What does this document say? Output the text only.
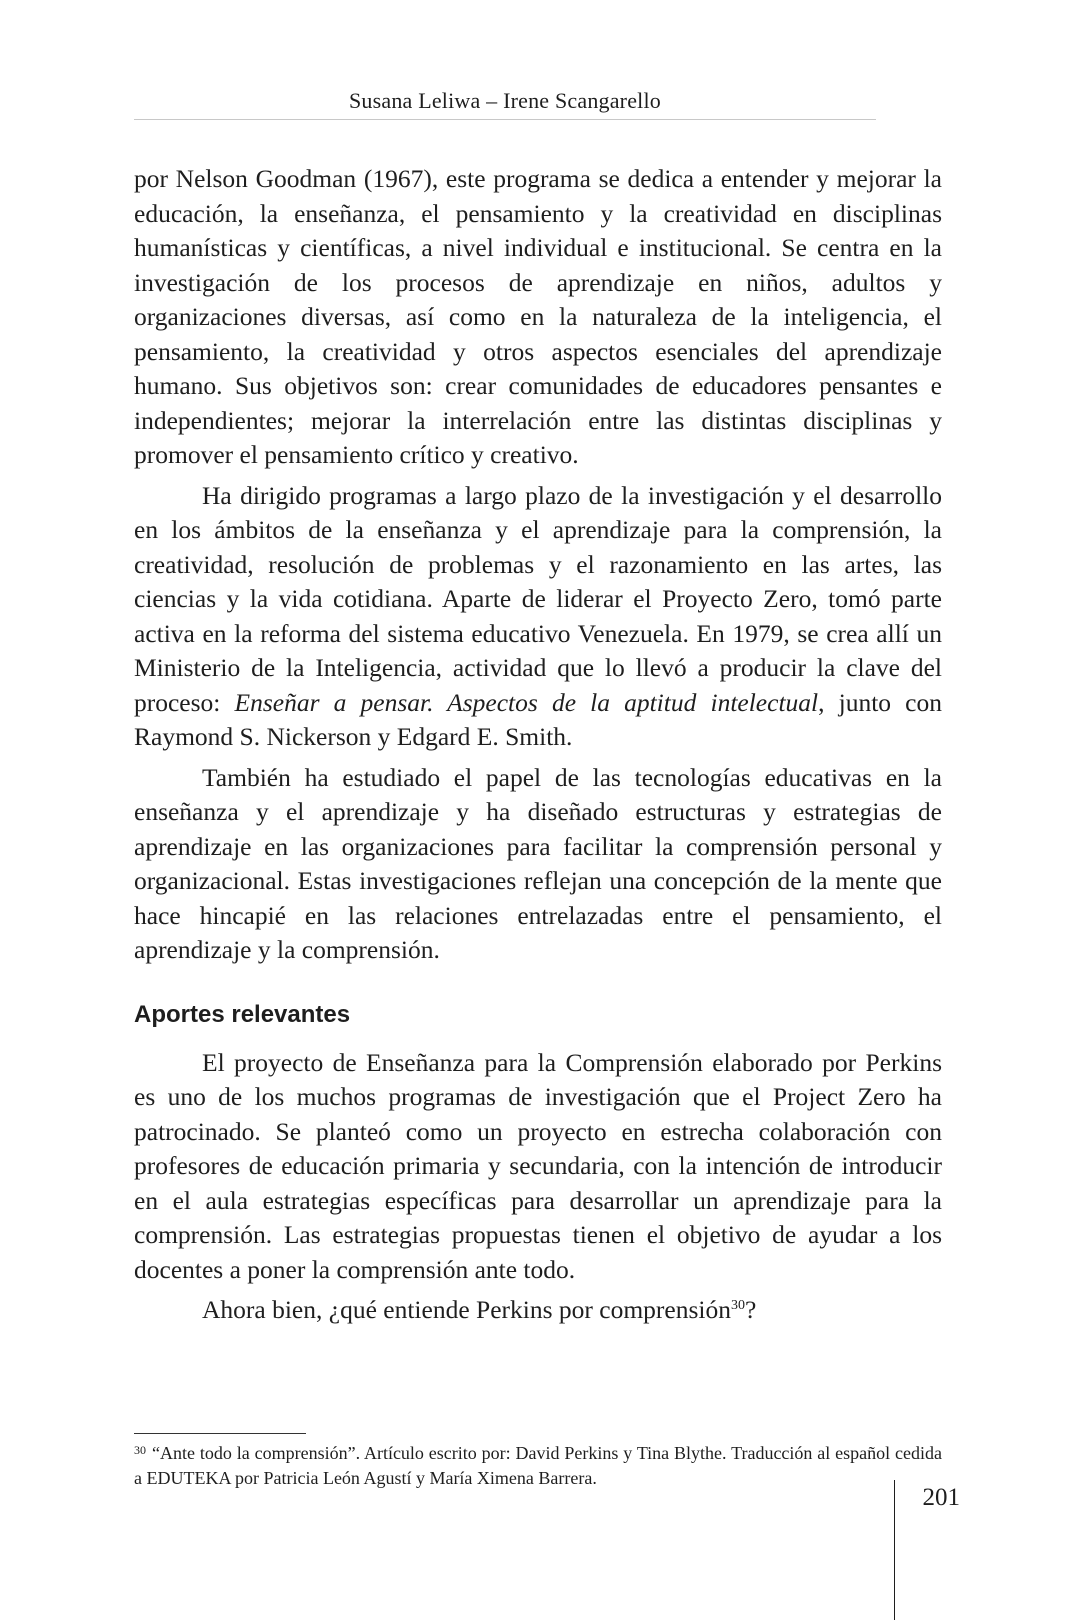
Susana Leliwa – Irene Scangarello

por Nelson Goodman (1967), este programa se dedica a entender y mejorar la educación, la enseñanza, el pensamiento y la creatividad en disciplinas humanísticas y científicas, a nivel individual e institucional. Se centra en la investigación de los procesos de aprendizaje en niños, adultos y organizaciones diversas, así como en la naturaleza de la inteligencia, el pensamiento, la creatividad y otros aspectos esenciales del aprendizaje humano. Sus objetivos son: crear comunidades de educadores pensantes e independientes; mejorar la interrelación entre las distintas disciplinas y promover el pensamiento crítico y creativo.

Ha dirigido programas a largo plazo de la investigación y el desarrollo en los ámbitos de la enseñanza y el aprendizaje para la comprensión, la creatividad, resolución de problemas y el razonamiento en las artes, las ciencias y la vida cotidiana. Aparte de liderar el Proyecto Zero, tomó parte activa en la reforma del sistema educativo Venezuela. En 1979, se crea allí un Ministerio de la Inteligencia, actividad que lo llevó a producir la clave del proceso: Enseñar a pensar. Aspectos de la aptitud intelectual, junto con Raymond S. Nickerson y Edgard E. Smith.

También ha estudiado el papel de las tecnologías educativas en la enseñanza y el aprendizaje y ha diseñado estructuras y estrategias de aprendizaje en las organizaciones para facilitar la comprensión personal y organizacional. Estas investigaciones reflejan una concepción de la mente que hace hincapié en las relaciones entrelazadas entre el pensamiento, el aprendizaje y la comprensión.

Aportes relevantes

El proyecto de Enseñanza para la Comprensión elaborado por Perkins es uno de los muchos programas de investigación que el Project Zero ha patrocinado. Se planteó como un proyecto en estrecha colaboración con profesores de educación primaria y secundaria, con la intención de introducir en el aula estrategias específicas para desarrollar un aprendizaje para la comprensión. Las estrategias propuestas tienen el objetivo de ayudar a los docentes a poner la comprensión ante todo.

Ahora bien, ¿qué entiende Perkins por comprensión$^{30}$?

$^{30}$ “Ante todo la comprensión”. Artículo escrito por: David Perkins y Tina Blythe. Traducción al español cedida a EDUTEKA por Patricia León Agustí y María Ximena Barrera.
201
